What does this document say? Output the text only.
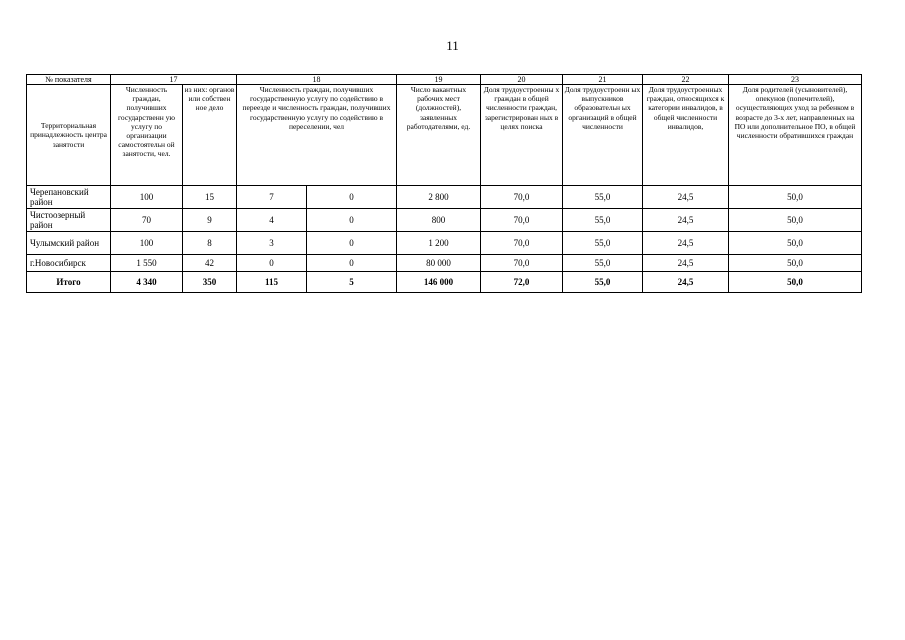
11
№ показателя	17		18		19	20	21	22	23
Территориальная принадлежность центра занятости	Численность граждан, получивших государственн ую услугу по организации самостоятельн ой занятости, чел.	из них: органов или собствен ное дело	Численность граждан, получивших государственную услугу по содействию в переезде и численность граждан, получивших государственную услугу по содействию в переселении, чел		Число вакантных рабочих мест (должностей), заявленных работодателями, ед.	Доля трудоустроенны х граждан в общей численности граждан, зарегистрирован ных в целях поиска	Доля трудоустроенн ых выпускников образовательн ых организаций в общей численности	Доля трудоустроенных граждан, относящихся к категории инвалидов, в общей численности инвалидов,	Доля родителей (усыновителей), опекунов (попечителей), осуществляющих уход за ребенком в возрасте до 3-х лет, направленных на ПО или дополнительное ПО, в общей численности обратившихся граждан
Черепановский район	100	15	7	0	2 800	70,0	55,0	24,5	50,0
Чистоозерный район	70	9	4	0	800	70,0	55,0	24,5	50,0
Чулымский район	100	8	3	0	1 200	70,0	55,0	24,5	50,0
г.Новосибирск	1 550	42	0	0	80 000	70,0	55,0	24,5	50,0
Итого	4 340	350	115	5	146 000	72,0	55,0	24,5	50,0
